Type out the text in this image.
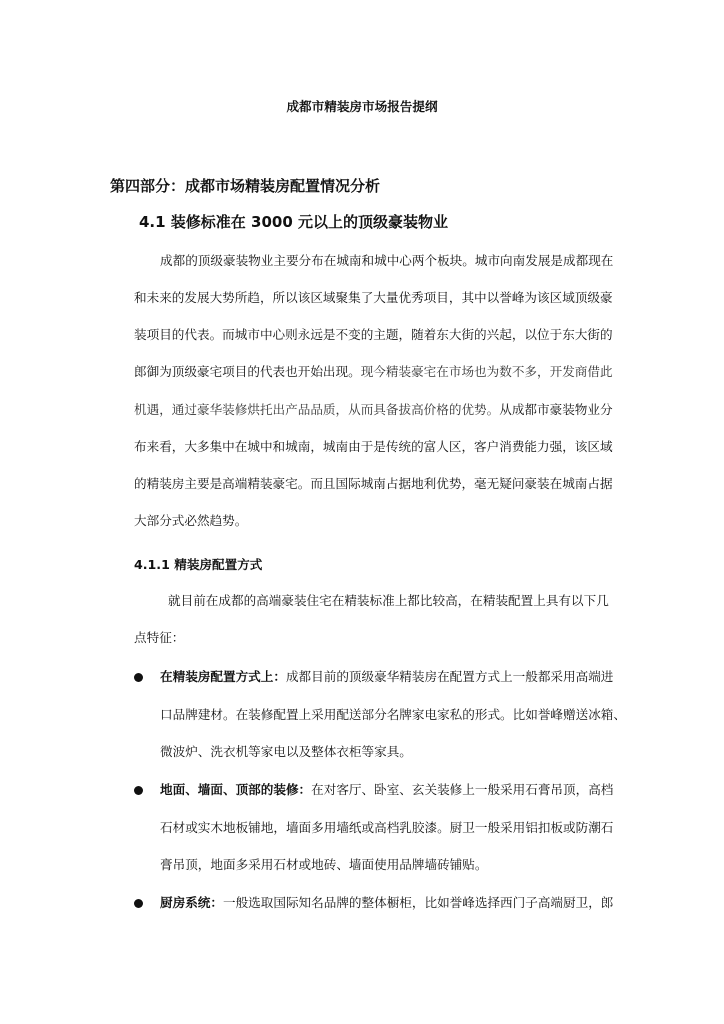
成都市精装房市场报告提纲
第四部分：成都市场精装房配置情况分析
4.1 装修标准在 3000 元以上的顶级豪装物业
成都的顶级豪装物业主要分布在城南和城中心两个板块。城市向南发展是成都现在
和未来的发展大势所趋，所以该区域聚集了大量优秀项目，其中以誉峰为该区域顶级豪
装项目的代表。而城市中心则永远是不变的主题，随着东大街的兴起，以位于东大街的
郎御为顶级豪宅项目的代表也开始出现。现今精装豪宅在市场也为数不多，开发商借此
机遇，通过豪华装修烘托出产品品质，从而具备拔高价格的优势。从成都市豪装物业分
布来看，大多集中在城中和城南，城南由于是传统的富人区，客户消费能力强，该区域
的精装房主要是高端精装豪宅。而且国际城南占据地利优势，毫无疑问豪装在城南占据
大部分式必然趋势。
4.1.1 精装房配置方式
就目前在成都的高端豪装住宅在精装标准上都比较高，在精装配置上具有以下几
点特征：
在精装房配置方式上：成都目前的顶级豪华精装房在配置方式上一般都采用高端进
口品牌建材。在装修配置上采用配送部分名牌家电家私的形式。比如誉峰赠送冰箱、
微波炉、洗衣机等家电以及整体衣柜等家具。
地面、墙面、顶部的装修：在对客厅、卧室、玄关装修上一般采用石膏吊顶，高档
石材或实木地板铺地，墙面多用墙纸或高档乳胶漆。厨卫一般采用铝扣板或防潮石
膏吊顶，地面多采用石材或地砖、墙面使用品牌墙砖铺贴。
厨房系统：一般选取国际知名品牌的整体橱柜，比如誉峰选择西门子高端厨卫，郎
